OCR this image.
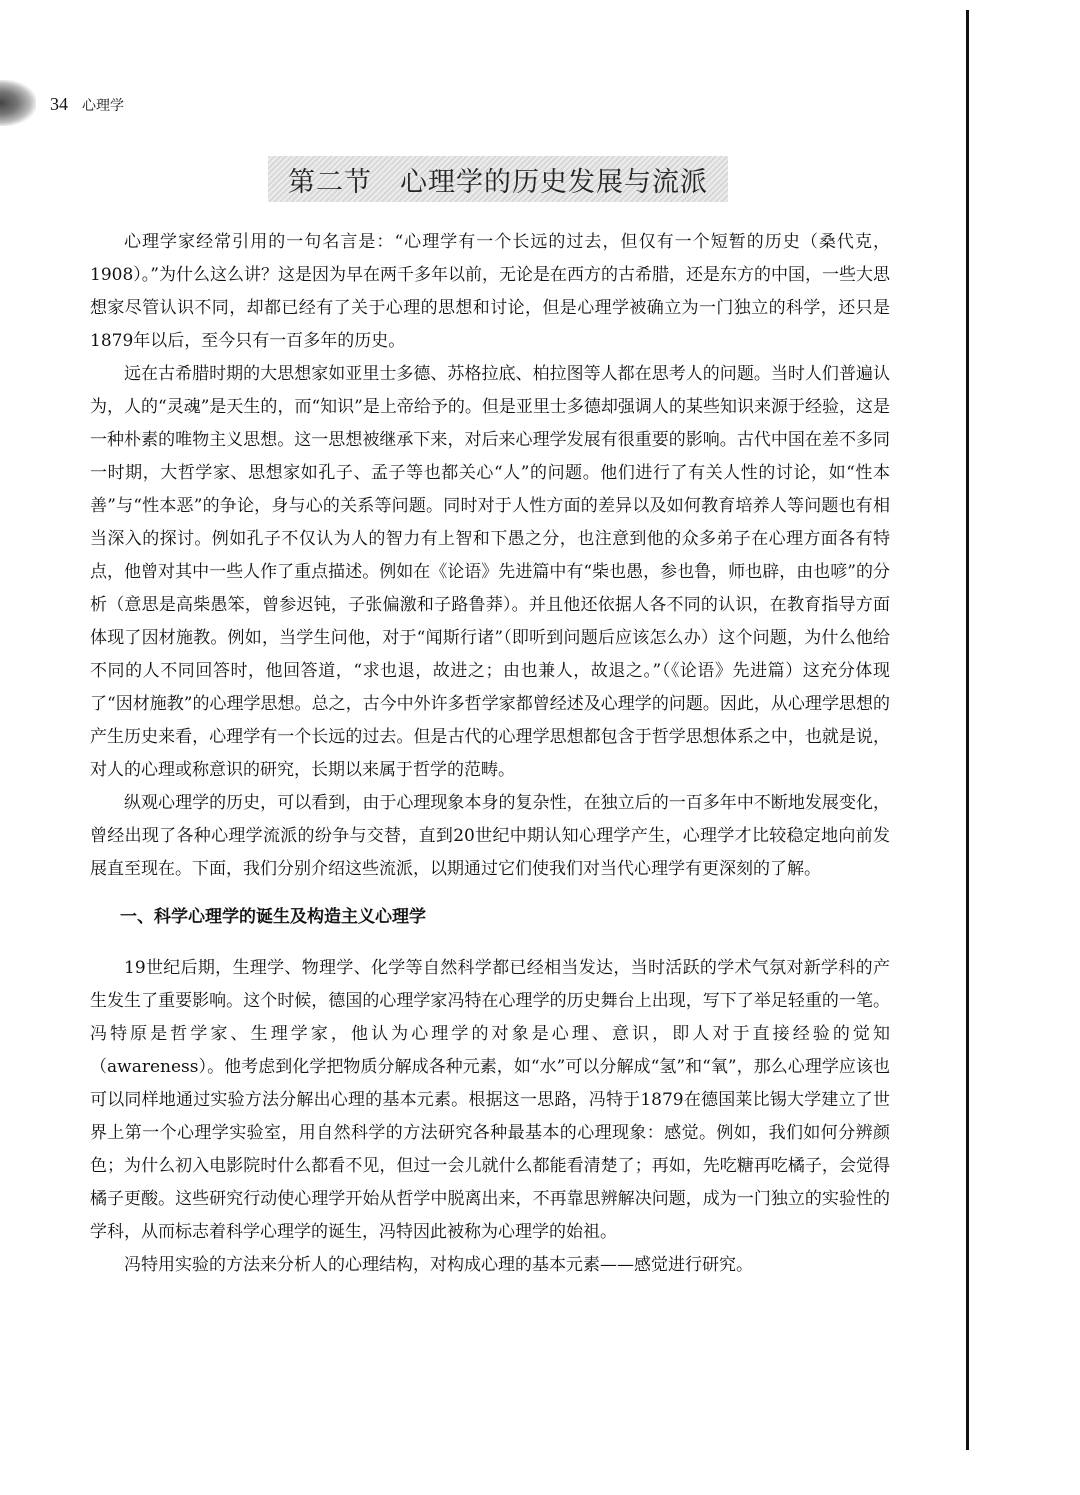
34 心理学
第二节　心理学的历史发展与流派

心理学家经常引用的一句名言是：“心理学有一个长远的过去，但仅有一个短暂的历史（桑代克，1908）。”为什么这么讲？这是因为早在两千多年以前，无论是在西方的古希腊，还是东方的中国，一些大思想家尽管认识不同，却都已经有了关于心理的思想和讨论，但是心理学被确立为一门独立的科学，还只是1879年以后，至今只有一百多年的历史。

远在古希腊时期的大思想家如亚里士多德、苏格拉底、柏拉图等人都在思考人的问题。当时人们普遍认为，人的“灵魂”是天生的，而“知识”是上帝给予的。但是亚里士多德却强调人的某些知识来源于经验，这是一种朴素的唯物主义思想。这一思想被继承下来，对后来心理学发展有很重要的影响。古代中国在差不多同一时期，大哲学家、思想家如孔子、孟子等也都关心“人”的问题。他们进行了有关人性的讨论，如“性本善”与“性本恶”的争论，身与心的关系等问题。同时对于人性方面的差异以及如何教育培养人等问题也有相当深入的探讨。例如孔子不仅认为人的智力有上智和下愚之分，也注意到他的众多弟子在心理方面各有特点，他曾对其中一些人作了重点描述。例如在《论语》先进篇中有“柴也愚，参也鲁，师也辟，由也喭”的分析（意思是高柴愚笨，曾参迟钝，子张偏激和子路鲁莽）。并且他还依据人各不同的认识，在教育指导方面体现了因材施教。例如，当学生问他，对于“闻斯行诸”（即听到问题后应该怎么办）这个问题，为什么他给不同的人不同回答时，他回答道，“求也退，故进之；由也兼人，故退之。”（《论语》先进篇）这充分体现了“因材施教”的心理学思想。总之，古今中外许多哲学家都曾经述及心理学的问题。因此，从心理学思想的产生历史来看，心理学有一个长远的过去。但是古代的心理学思想都包含于哲学思想体系之中，也就是说，对人的心理或称意识的研究，长期以来属于哲学的范畴。

纵观心理学的历史，可以看到，由于心理现象本身的复杂性，在独立后的一百多年中不断地发展变化，曾经出现了各种心理学流派的纷争与交替，直到20世纪中期认知心理学产生，心理学才比较稳定地向前发展直至现在。下面，我们分别介绍这些流派，以期通过它们使我们对当代心理学有更深刻的了解。

一、科学心理学的诞生及构造主义心理学

19世纪后期，生理学、物理学、化学等自然科学都已经相当发达，当时活跃的学术气氛对新学科的产生发生了重要影响。这个时候，德国的心理学家冯特在心理学的历史舞台上出现，写下了举足轻重的一笔。冯特原是哲学家、生理学家，他认为心理学的对象是心理、意识，即人对于直接经验的觉知（awareness）。他考虑到化学把物质分解成各种元素，如“水”可以分解成“氢”和“氧”，那么心理学应该也可以同样地通过实验方法分解出心理的基本元素。根据这一思路，冯特于1879在德国莱比锡大学建立了世界上第一个心理学实验室，用自然科学的方法研究各种最基本的心理现象：感觉。例如，我们如何分辨颜色；为什么初入电影院时什么都看不见，但过一会儿就什么都能看清楚了；再如，先吃糖再吃橘子，会觉得橘子更酸。这些研究行动使心理学开始从哲学中脱离出来，不再靠思辨解决问题，成为一门独立的实验性的学科，从而标志着科学心理学的诞生，冯特因此被称为心理学的始祖。

冯特用实验的方法来分析人的心理结构，对构成心理的基本元素——感觉进行研究。
